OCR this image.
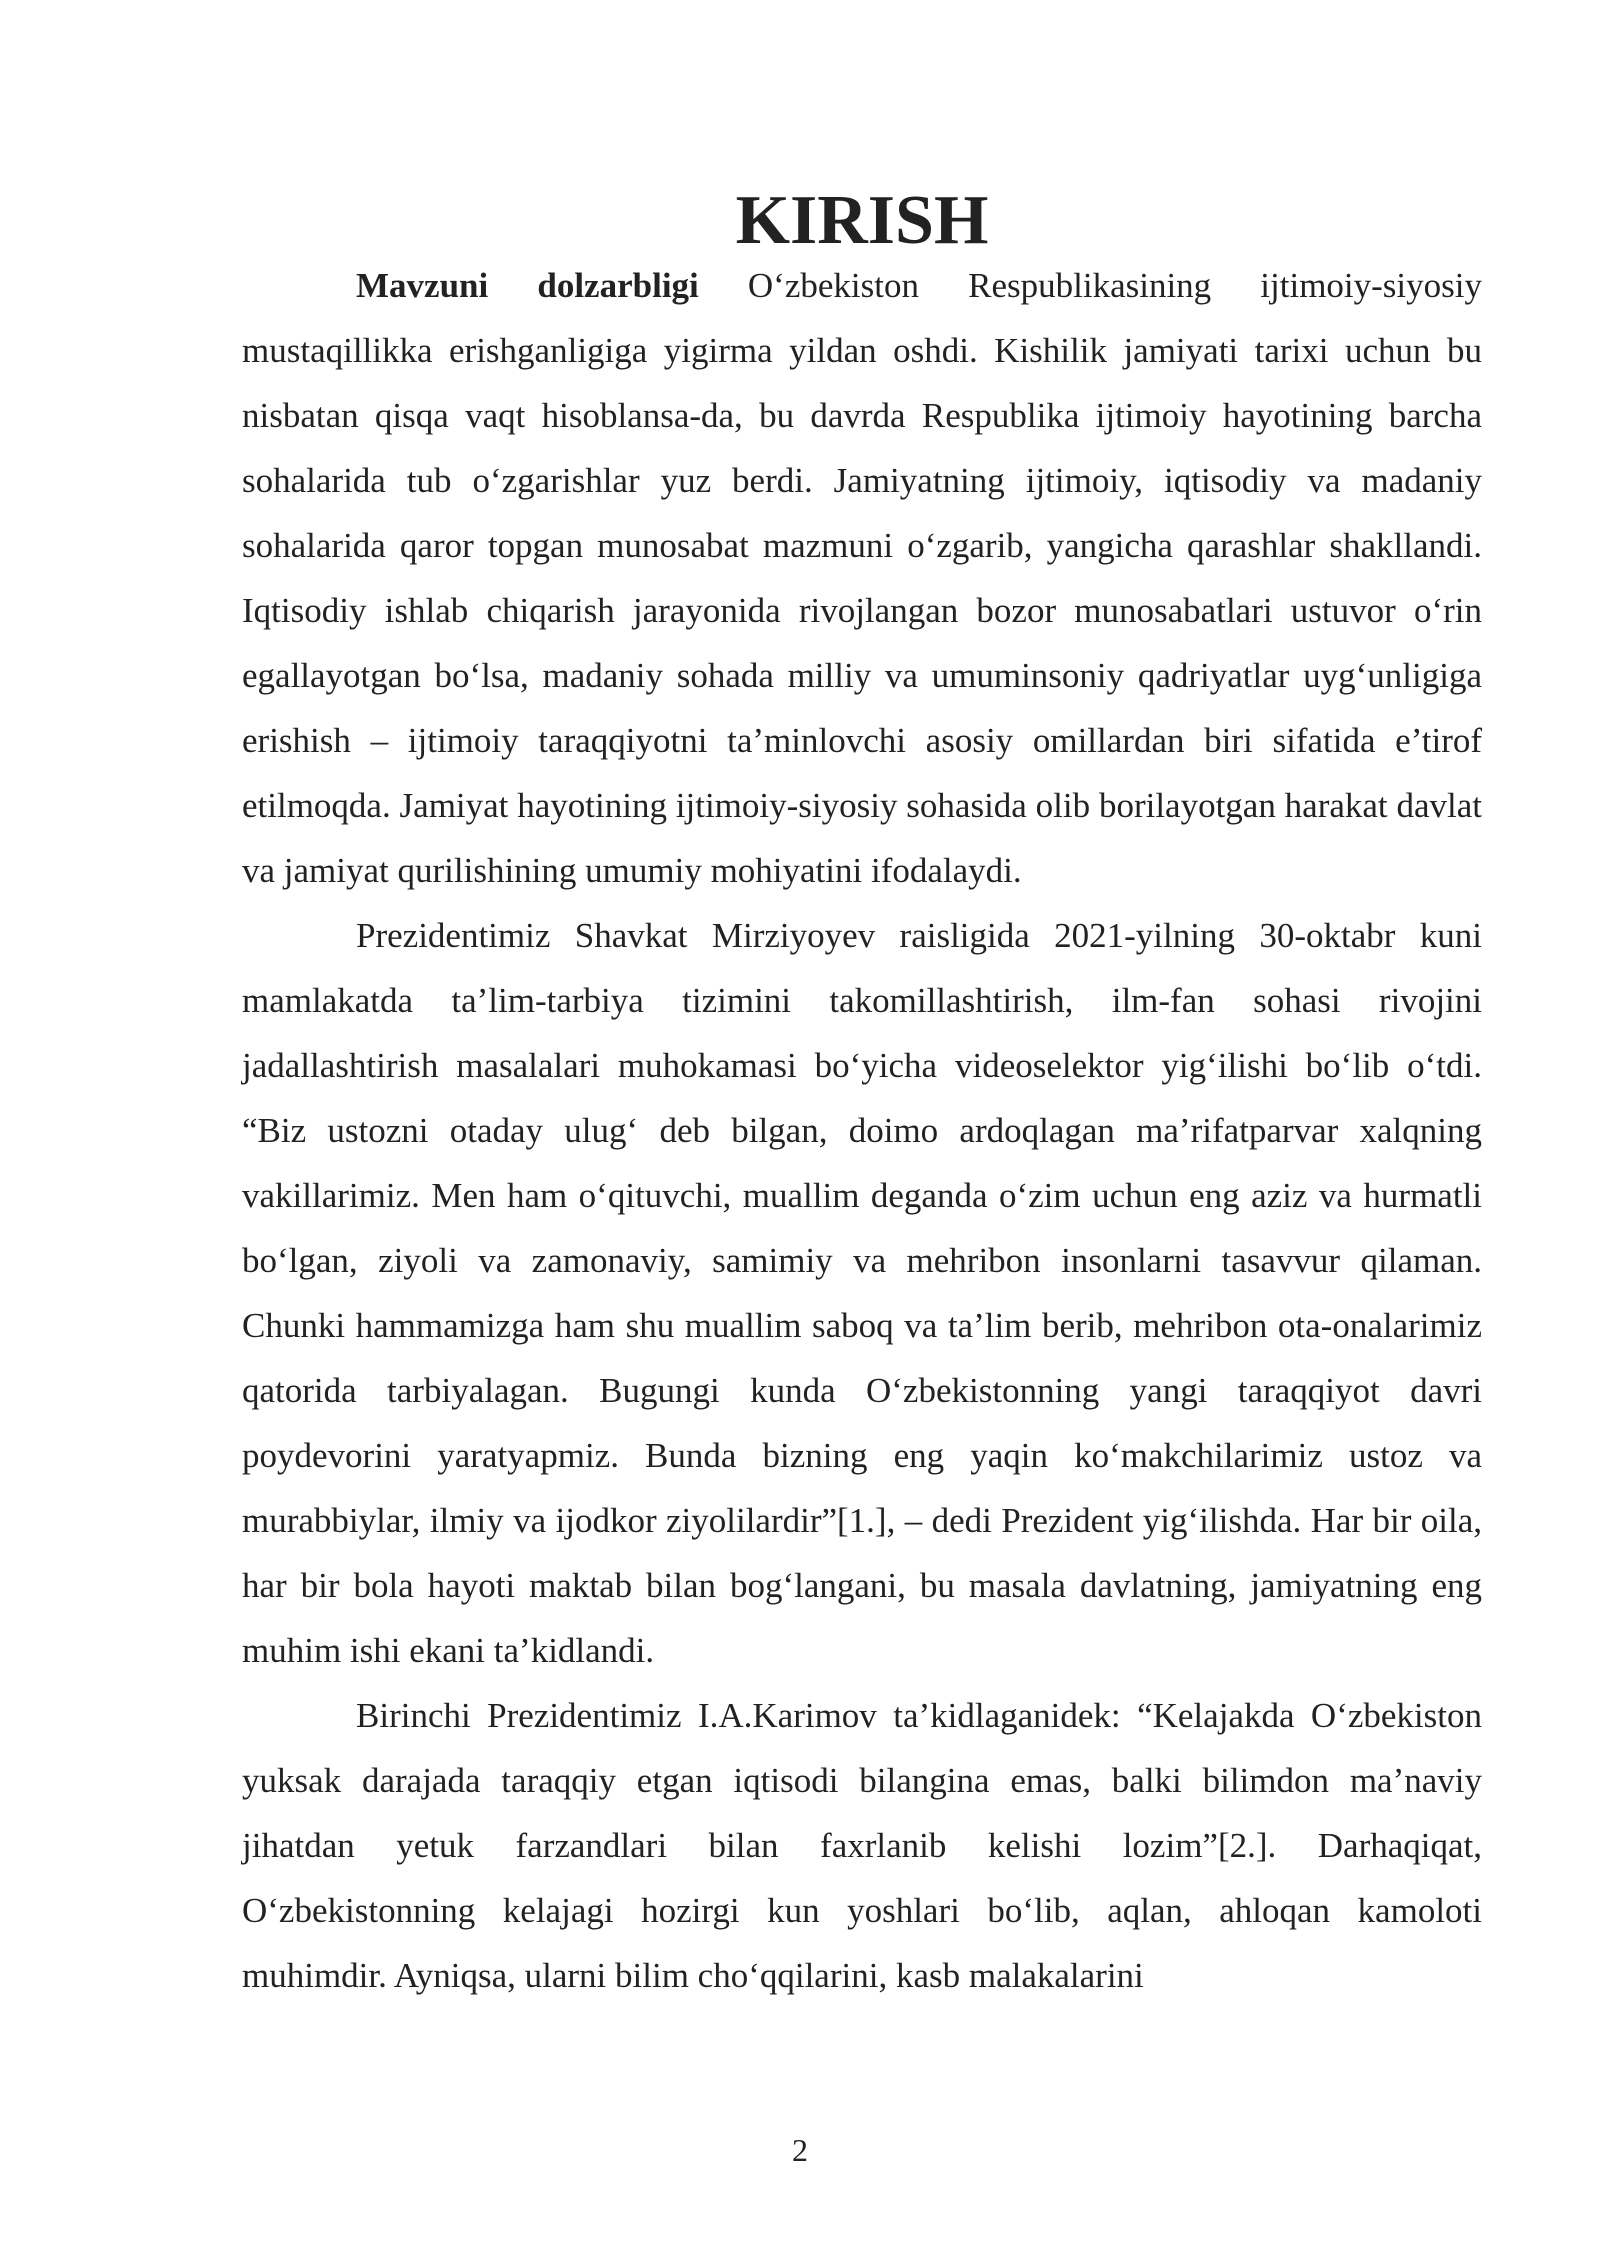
KIRISH

Mavzuni dolzarbligi O‘zbekiston Respublikasining ijtimoiy-siyosiy mustaqillikka erishganligiga yigirma yildan oshdi. Kishilik jamiyati tarixi uchun bu nisbatan qisqa vaqt hisoblansa-da, bu davrda Respublika ijtimoiy hayotining barcha sohalarida tub o‘zgarishlar yuz berdi. Jamiyatning ijtimoiy, iqtisodiy va madaniy sohalarida qaror topgan munosabat mazmuni o‘zgarib, yangicha qarashlar shakllandi. Iqtisodiy ishlab chiqarish jarayonida rivojlangan bozor munosabatlari ustuvor o‘rin egallayotgan bo‘lsa, madaniy sohada milliy va umuminsoniy qadriyatlar uyg‘unligiga erishish – ijtimoiy taraqqiyotni ta’minlovchi asosiy omillardan biri sifatida e’tirof etilmoqda. Jamiyat hayotining ijtimoiy-siyosiy sohasida olib borilayotgan harakat davlat va jamiyat qurilishining umumiy mohiyatini ifodalaydi.

Prezidentimiz Shavkat Mirziyoyev raisligida 2021-yilning 30-oktabr kuni mamlakatda ta’lim-tarbiya tizimini takomillashtirish, ilm-fan sohasi rivojini jadallashtirish masalalari muhokamasi bo‘yicha videoselektor yig‘ilishi bo‘lib o‘tdi. “Biz ustozni otaday ulug‘ deb bilgan, doimo ardoqlagan ma’rifatparvar xalqning vakillarimiz. Men ham o‘qituvchi, muallim deganda o‘zim uchun eng aziz va hurmatli bo‘lgan, ziyoli va zamonaviy, samimiy va mehribon insonlarni tasavvur qilaman. Chunki hammamizga ham shu muallim saboq va ta’lim berib, mehribon ota-onalarimiz qatorida tarbiyalagan. Bugungi kunda O‘zbekistonning yangi taraqqiyot davri poydevorini yaratyapmiz. Bunda bizning eng yaqin ko‘makchilarimiz ustoz va murabbiylar, ilmiy va ijodkor ziyolilardir”[1.], – dedi Prezident yig‘ilishda. Har bir oila, har bir bola hayoti maktab bilan bog‘langani, bu masala davlatning, jamiyatning eng muhim ishi ekani ta’kidlandi.

Birinchi Prezidentimiz I.A.Karimov ta’kidlaganidek: “Kelajakda O‘zbekiston yuksak darajada taraqqiy etgan iqtisodi bilangina emas, balki bilimdon ma’naviy jihatdan yetuk farzandlari bilan faxrlanib kelishi lozim”[2.]. Darhaqiqat, O‘zbekistonning kelajagi hozirgi kun yoshlari bo‘lib, aqlan, ahloqan kamoloti muhimdir. Ayniqsa, ularni bilim cho‘qqilarini, kasb malakalarini

2
